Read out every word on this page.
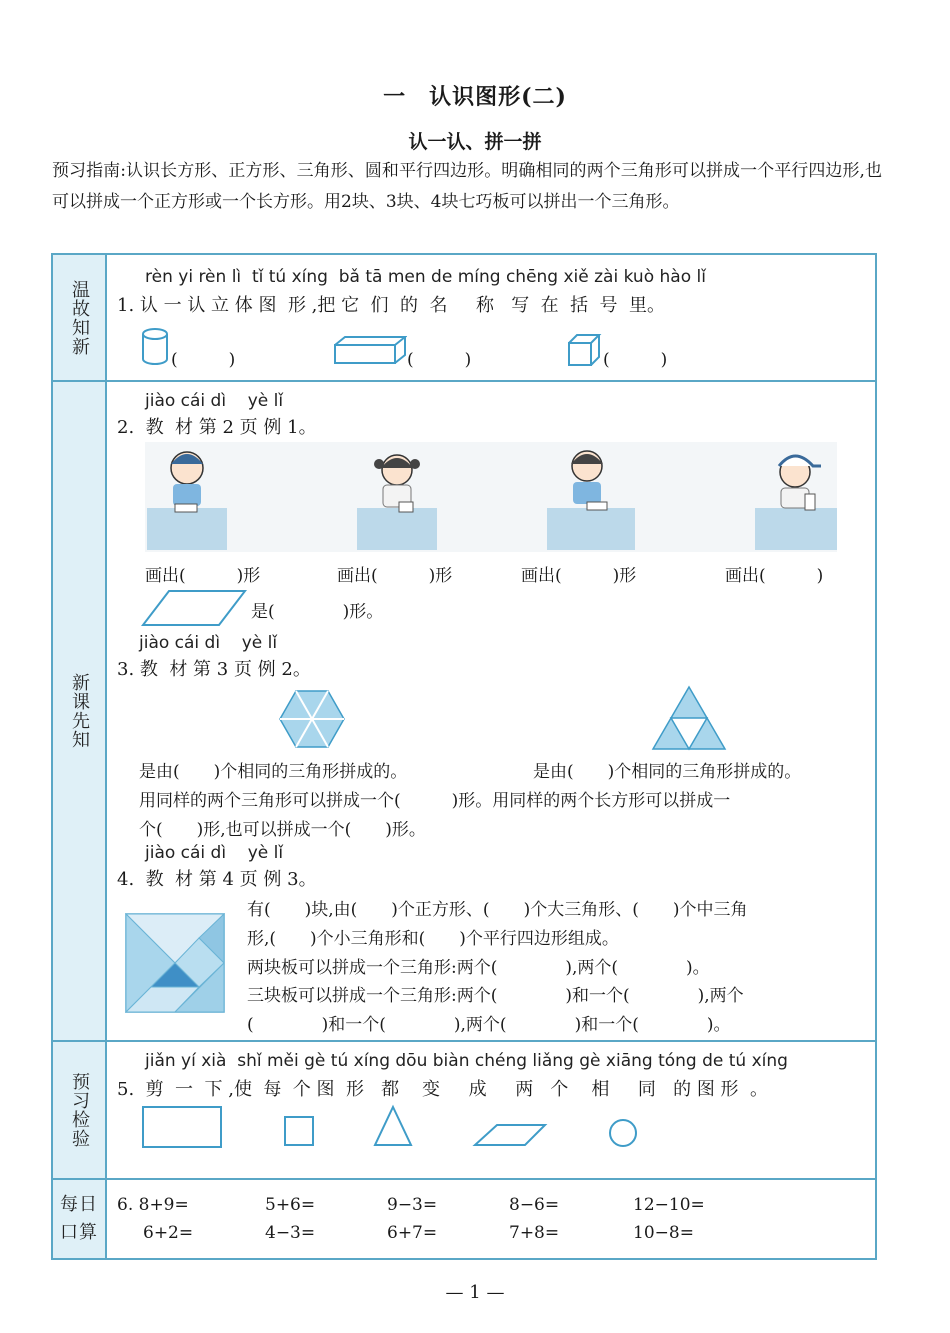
一　认识图形(二)
认一认、拼一拼
预习指南:认识长方形、正方形、三角形、圆和平行四边形。明确相同的两个三角形可以拼成一个平行四边形,也可以拼成一个正方形或一个长方形。用2块、3块、4块七巧板可以拼出一个三角形。
温故知新
新课先知
预习检验
每日口算
rèn yi rèn lì  tǐ tú xíng  bǎ tā men de míng chēng xiě zài kuò hào lǐ
1. 认 一 认 立 体 图  形 ,把 它  们  的  名     称   写  在  括  号  里。
(　　　)	(　　　)	(　　　)
jiào cái dì    yè lǐ
2.  教  材 第 2 页 例 1。
画出(　　　)形	画出(　　　)形	画出(　　　)形	画出(　　　)
是(　　　　)形。
jiào cái dì    yè lǐ
3. 教  材 第 3 页 例 2。
是由(　　)个相同的三角形拼成的。	是由(　　)个相同的三角形拼成的。
用同样的两个三角形可以拼成一个(　　　)形。用同样的两个长方形可以拼成一
个(　　)形,也可以拼成一个(　　)形。
jiào cái dì    yè lǐ
4.  教  材 第 4 页 例 3。
有(　　)块,由(　　)个正方形、(　　)个大三角形、(　　)个中三角
形,(　　)个小三角形和(　　)个平行四边形组成。
两块板可以拼成一个三角形:两个(　　　　),两个(　　　　)。
三块板可以拼成一个三角形:两个(　　　　)和一个(　　　　),两个
(　　　　)和一个(　　　　),两个(　　　　)和一个(　　　　)。
jiǎn yí xià  shǐ měi gè tú xíng dōu biàn chéng liǎng gè xiāng tóng de tú xíng
5.  剪  一  下 ,使  每  个 图  形   都    变     成     两   个    相     同   的 图 形  。
6. 8+9=	5+6=	9−3=	8−6=	12−10=
6+2=	4−3=	6+7=	7+8=	10−8=
— 1 —
